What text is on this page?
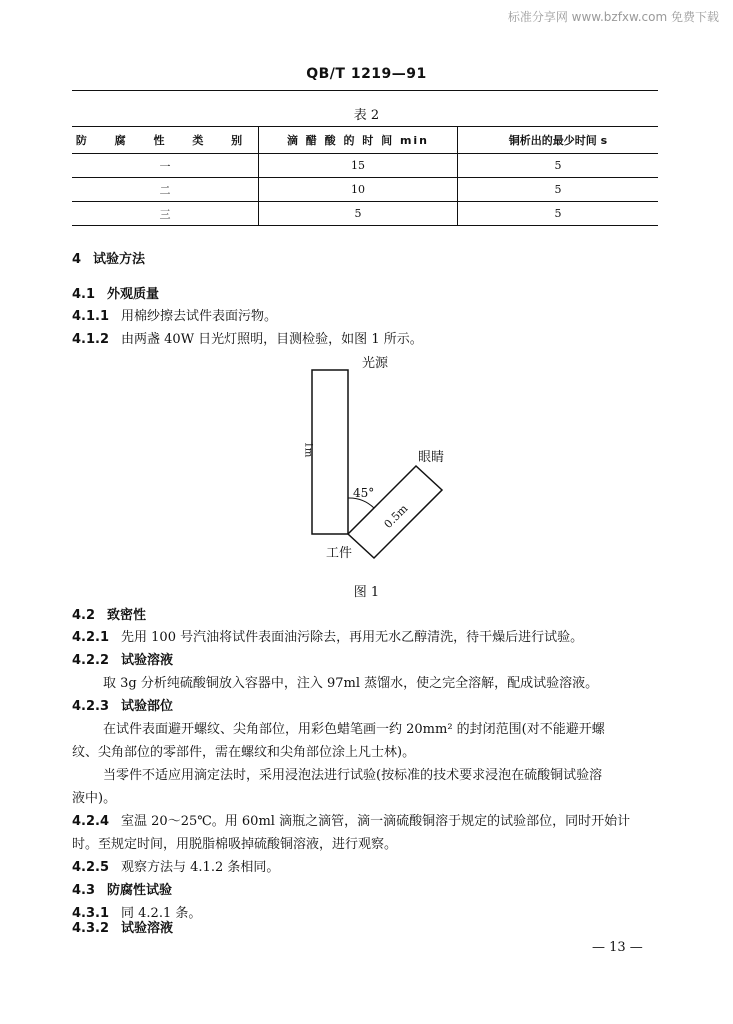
标准分享网 www.bzfxw.com 免费下载
QB/T 1219—91
表 2
防 腐 性 类 别	滴 醋 酸 的 时 间 min	铜析出的最少时间 s
一	15	5
二	10	5
三	5	5
4 试验方法
4.1 外观质量
4.1.1 用棉纱擦去试件表面污物。
4.1.2 由两盏 40W 日光灯照明，目测检验，如图 1 所示。
光源
1m
眼睛
45°
0.5m
工件
图 1
4.2 致密性
4.2.1 先用 100 号汽油将试件表面油污除去，再用无水乙醇清洗，待干燥后进行试验。
4.2.2 试验溶液
取 3g 分析纯硫酸铜放入容器中，注入 97ml 蒸馏水，使之完全溶解，配成试验溶液。
4.2.3 试验部位
在试件表面避开螺纹、尖角部位，用彩色蜡笔画一约 20mm² 的封闭范围(对不能避开螺
纹、尖角部位的零部件，需在螺纹和尖角部位涂上凡士林)。
当零件不适应用滴定法时，采用浸泡法进行试验(按标准的技术要求浸泡在硫酸铜试验溶
液中)。
4.2.4 室温 20～25℃。用 60ml 滴瓶之滴管，滴一滴硫酸铜溶于规定的试验部位，同时开始计
时。至规定时间，用脱脂棉吸掉硫酸铜溶液，进行观察。
4.2.5 观察方法与 4.1.2 条相同。
4.3 防腐性试验
4.3.1 同 4.2.1 条。
4.3.2 试验溶液
— 13 —
